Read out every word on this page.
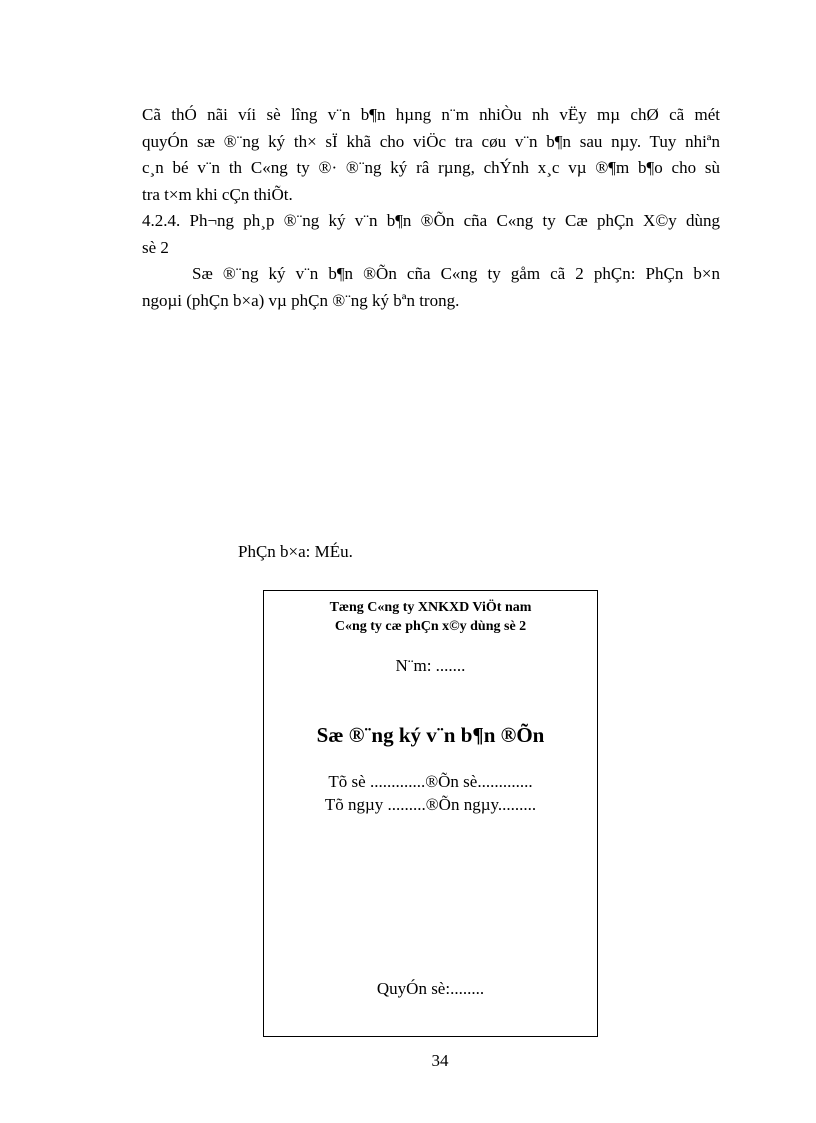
Cã thÓ nãi víi sè lîng v¨n b¶n hµng n¨m nhiÒu nh vËy mµ chØ cã mét
quyÓn sæ ®¨ng ký th× sÏ khã cho viÖc tra cøu v¨n b¶n sau nµy. Tuy nhiªn
c¸n bé v¨n th C«ng ty ®· ®¨ng ký râ rµng, chÝnh x¸c vµ ®¶m b¶o cho sù
tra t×m khi cÇn thiÕt.
4.2.4. Ph¬ng ph¸p ®¨ng ký v¨n b¶n ®Õn cña C«ng ty Cæ phÇn X©y dùng
sè 2
Sæ ®¨ng ký v¨n b¶n ®Õn cña C«ng ty gåm cã 2 phÇn: PhÇn b×n
ngoµi (phÇn b×a) vµ phÇn ®¨ng ký bªn trong.
PhÇn b×a: MÉu.
Tæng C«ng ty XNKXD ViÖt nam
C«ng ty cæ phÇn x©y dùng sè 2
N¨m: .......
Sæ ®¨ng ký v¨n b¶n ®Õn
Tõ sè .............®Õn sè.............
Tõ ngµy .........®Õn ngµy.........
QuyÓn sè:........
34
